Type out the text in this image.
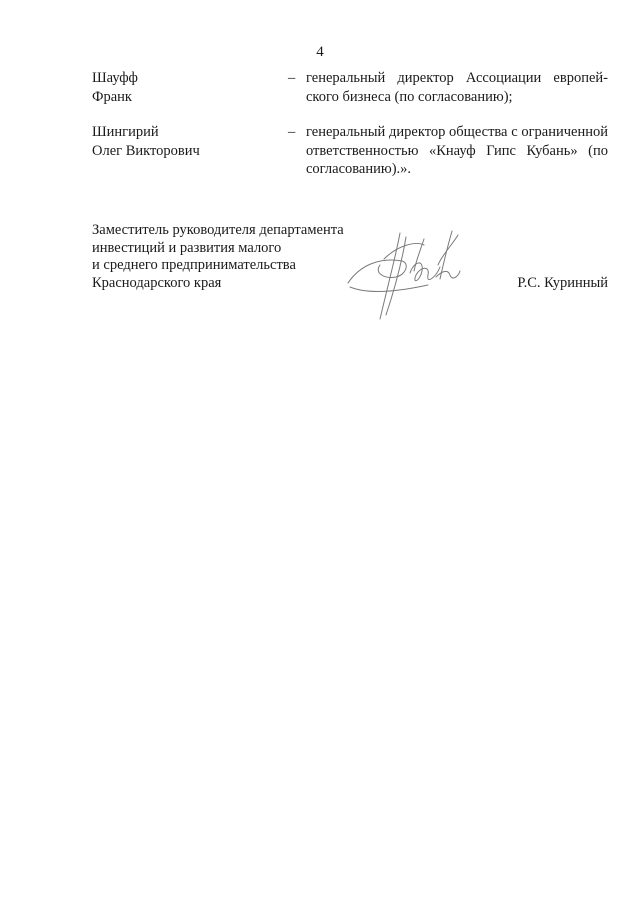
4
Шауфф
Франк
– генеральный директор Ассоциации европей-ского бизнеса (по согласованию);
Шингирий
Олег Викторович
– генеральный директор общества с ограниченной ответственностью «Кнауф Гипс Кубань» (по согласованию).».
Заместитель руководителя департамента
инвестиций и развития малого
и среднего предпринимательства
Краснодарского края	Р.С. Куринный
